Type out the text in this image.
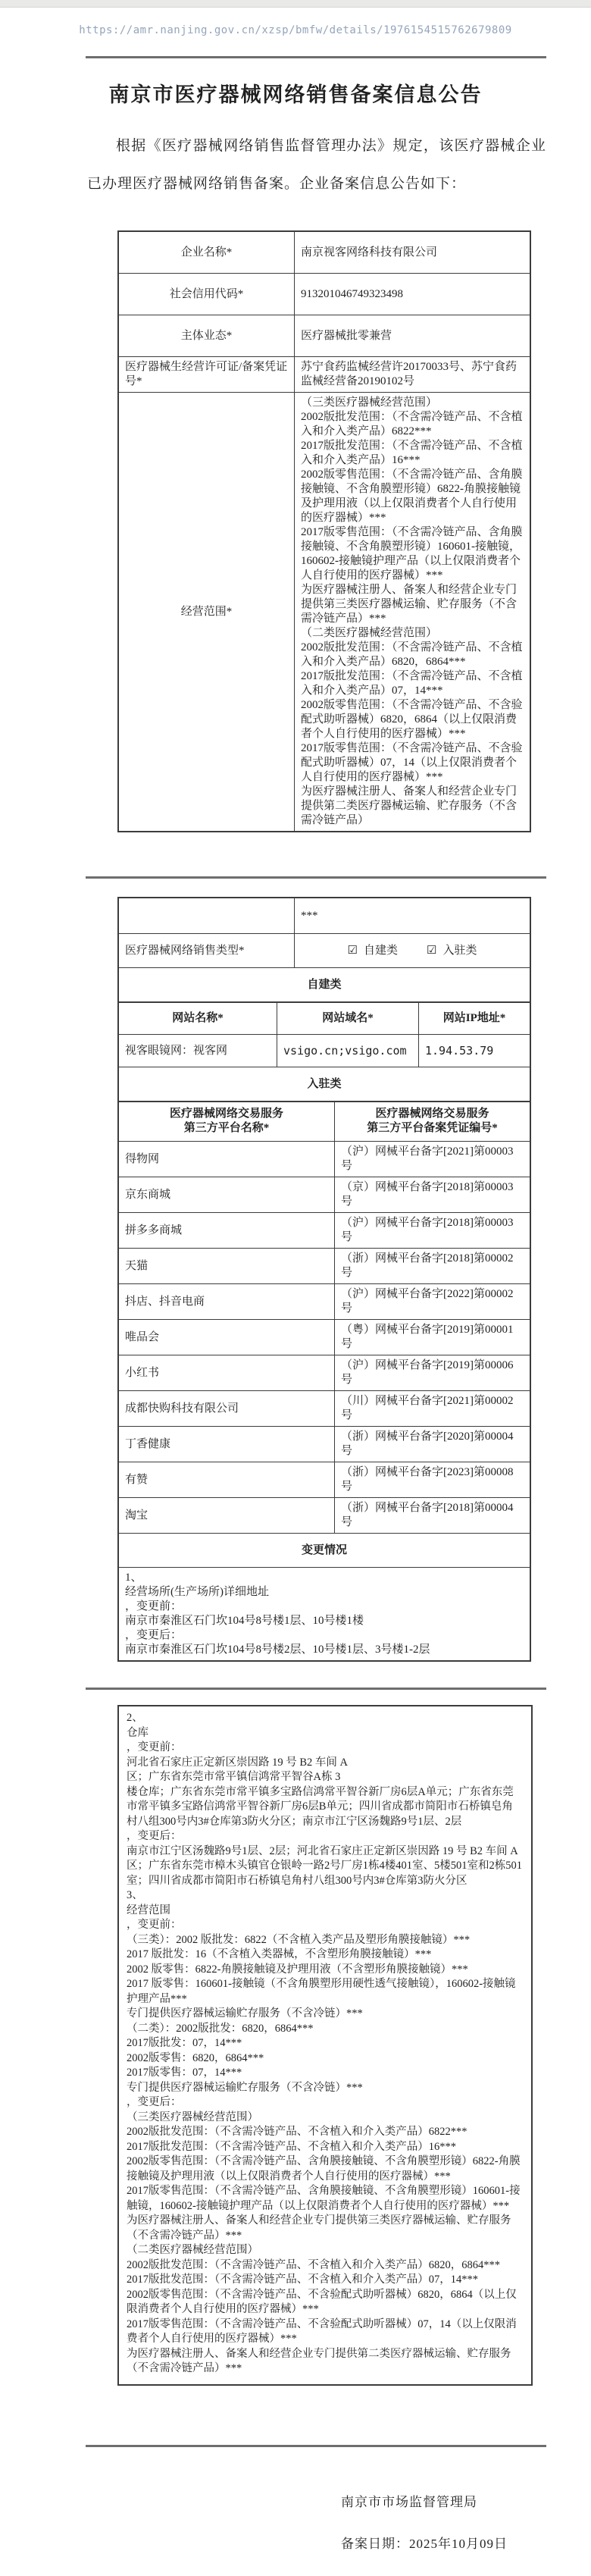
https://amr.nanjing.gov.cn/xzsp/bmfw/details/1976154515762679809
南京市医疗器械网络销售备案信息公告

根据《医疗器械网络销售监督管理办法》规定，该医疗器械企业已办理医疗器械网络销售备案。企业备案信息公告如下：

企业名称*	南京视客网络科技有限公司
社会信用代码*	913201046749323498
主体业态*	医疗器械批零兼营
医疗器械生经营许可证/备案凭证号*	苏宁食药监械经营许20170033号、苏宁食药监械经营备20190102号
经营范围*	
（三类医疗器械经营范围）
2002版批发范围：（不含需冷链产品、不含植入和介入类产品）6822***
2017版批发范围：（不含需冷链产品、不含植入和介入类产品）16***
2002版零售范围：（不含需冷链产品、含角膜接触镜、不含角膜塑形镜）6822-角膜接触镜及护理用液（以上仅限消费者个人自行使用的医疗器械）***
2017版零售范围：（不含需冷链产品、含角膜接触镜、不含角膜塑形镜）160601-接触镜，160602-接触镜护理产品（以上仅限消费者个人自行使用的医疗器械）***
为医疗器械注册人、备案人和经营企业专门提供第三类医疗器械运输、贮存服务（不含需冷链产品）***
（二类医疗器械经营范围）
2002版批发范围：（不含需冷链产品、不含植入和介入类产品）6820，6864***
2017版批发范围：（不含需冷链产品、不含植入和介入类产品）07，14***
2002版零售范围：（不含需冷链产品、不含验配式助听器械）6820，6864（以上仅限消费者个人自行使用的医疗器械）***
2017版零售范围：（不含需冷链产品、不含验配式助听器械）07，14（以上仅限消费者个人自行使用的医疗器械）***
为医疗器械注册人、备案人和经营企业专门提供第二类医疗器械运输、贮存服务（不含需冷链产品）
	***
医疗器械网络销售类型*	☑ 自建类 ☑ 入驻类

自建类	
网站名称*	网站域名*	网站IP地址*
视客眼镜网：视客网	vsigo.cn;vsigo.com	1.94.53.79
入驻类		
医疗器械网络交易服务
第三方平台名称*

医疗器械网络交易服务
第三方平台备案凭证编号*

得物网	（沪）网械平台备字[2021]第00003号
京东商城	（京）网械平台备字[2018]第00003号
拼多多商城	（沪）网械平台备字[2018]第00003号
天猫	（浙）网械平台备字[2018]第00002号
抖店、抖音电商	（沪）网械平台备字[2022]第00002号
唯品会	（粤）网械平台备字[2019]第00001号
小红书	（沪）网械平台备字[2019]第00006号
成都快购科技有限公司	（川）网械平台备字[2021]第00002号
丁香健康	（浙）网械平台备字[2020]第00004号
有赞	（浙）网械平台备字[2023]第00008号
淘宝	（浙）网械平台备字[2018]第00004号
变更情况	

1、
经营场所(生产场所)详细地址
，变更前：
南京市秦淮区石门坎104号8号楼1层、10号楼1楼
，变更后：
南京市秦淮区石门坎104号8号楼2层、10号楼1层、3号楼1-2层
2、
仓库
，变更前：
河北省石家庄正定新区崇因路 19 号 B2 车间 A
区；广东省东莞市常平镇信鸿常平智谷A栋 3
楼仓库；广东省东莞市常平镇多宝路信鸿常平智谷新厂房6层A单元；广东省东莞市常平镇多宝路信鸿常平智谷新厂房6层B单元；四川省成都市简阳市石桥镇皂角村八组300号内3#仓库第3防火分区；南京市江宁区汤魏路9号1层、2层
，变更后：
南京市江宁区汤魏路9号1层、2层；河北省石家庄正定新区崇因路 19 号 B2 车间 A
区；广东省东莞市樟木头镇官仓银岭一路2号厂房1栋4楼401室、5楼501室和2栋501室；四川省成都市简阳市石桥镇皂角村八组300号内3#仓库第3防火分区
3、
经营范围
，变更前：
（三类）：2002 版批发：6822（不含植入类产品及塑形角膜接触镜）***
2017 版批发：16（不含植入类器械，不含塑形角膜接触镜）***
2002 版零售：6822-角膜接触镜及护理用液（不含塑形角膜接触镜）***
2017 版零售：160601-接触镜（不含角膜塑形用硬性透气接触镜），160602-接触镜护理产品***
专门提供医疗器械运输贮存服务（不含冷链）***
（二类）：2002版批发：6820，6864***
2017版批发：07，14***
2002版零售：6820，6864***
2017版零售：07，14***
专门提供医疗器械运输贮存服务（不含冷链）***
，变更后：
（三类医疗器械经营范围）
2002版批发范围：（不含需冷链产品、不含植入和介入类产品）6822***
2017版批发范围：（不含需冷链产品、不含植入和介入类产品）16***
2002版零售范围：（不含需冷链产品、含角膜接触镜、不含角膜塑形镜）6822-角膜接触镜及护理用液（以上仅限消费者个人自行使用的医疗器械）***
2017版零售范围：（不含需冷链产品、含角膜接触镜、不含角膜塑形镜）160601-接触镜，160602-接触镜护理产品（以上仅限消费者个人自行使用的医疗器械）***
为医疗器械注册人、备案人和经营企业专门提供第三类医疗器械运输、贮存服务（不含需冷链产品）***
（二类医疗器械经营范围）
2002版批发范围：（不含需冷链产品、不含植入和介入类产品）6820，6864***
2017版批发范围：（不含需冷链产品、不含植入和介入类产品）07，14***
2002版零售范围：（不含需冷链产品、不含验配式助听器械）6820，6864（以上仅限消费者个人自行使用的医疗器械）***
2017版零售范围：（不含需冷链产品、不含验配式助听器械）07，14（以上仅限消费者个人自行使用的医疗器械）***
为医疗器械注册人、备案人和经营企业专门提供第二类医疗器械运输、贮存服务（不含需冷链产品）***
南京市市场监督管理局
备案日期：2025年10月09日
